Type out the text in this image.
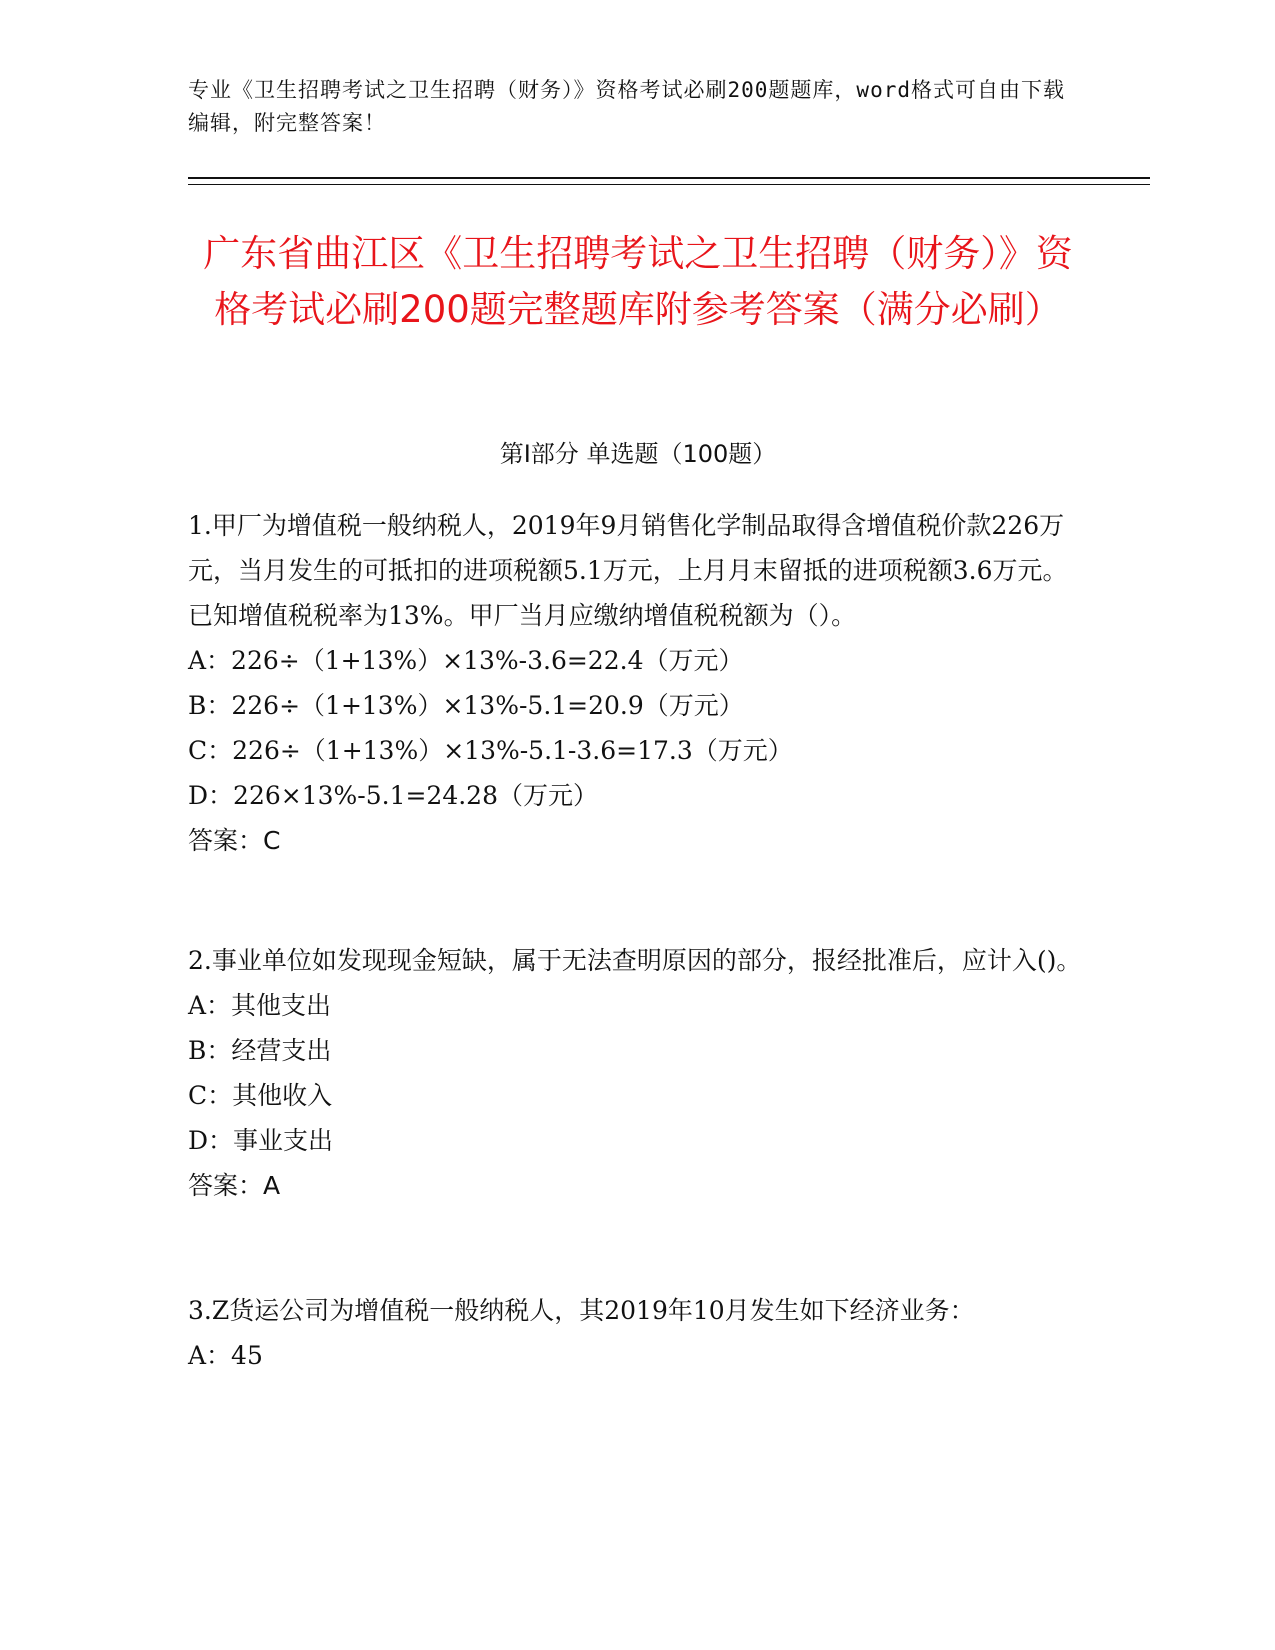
专业《卫生招聘考试之卫生招聘（财务）》资格考试必刷200题题库，word格式可自由下载编辑，附完整答案！
广东省曲江区《卫生招聘考试之卫生招聘（财务）》资格考试必刷200题完整题库附参考答案（满分必刷）
第Ⅰ部分 单选题（100题）

1.甲厂为增值税一般纳税人，2019年9月销售化学制品取得含增值税价款226万元，当月发生的可抵扣的进项税额5.1万元，上月月末留抵的进项税额3.6万元。已知增值税税率为13%。甲厂当月应缴纳增值税税额为（）。

A：226÷（1+13%）×13%-3.6=22.4（万元）

B：226÷（1+13%）×13%-5.1=20.9（万元）

C：226÷（1+13%）×13%-5.1-3.6=17.3（万元）

D：226×13%-5.1=24.28（万元）

答案：C

2.事业单位如发现现金短缺，属于无法查明原因的部分，报经批准后，应计入()。

A：其他支出

B：经营支出

C：其他收入

D：事业支出

答案：A

3.Z货运公司为增值税一般纳税人，其2019年10月发生如下经济业务：

A：45
